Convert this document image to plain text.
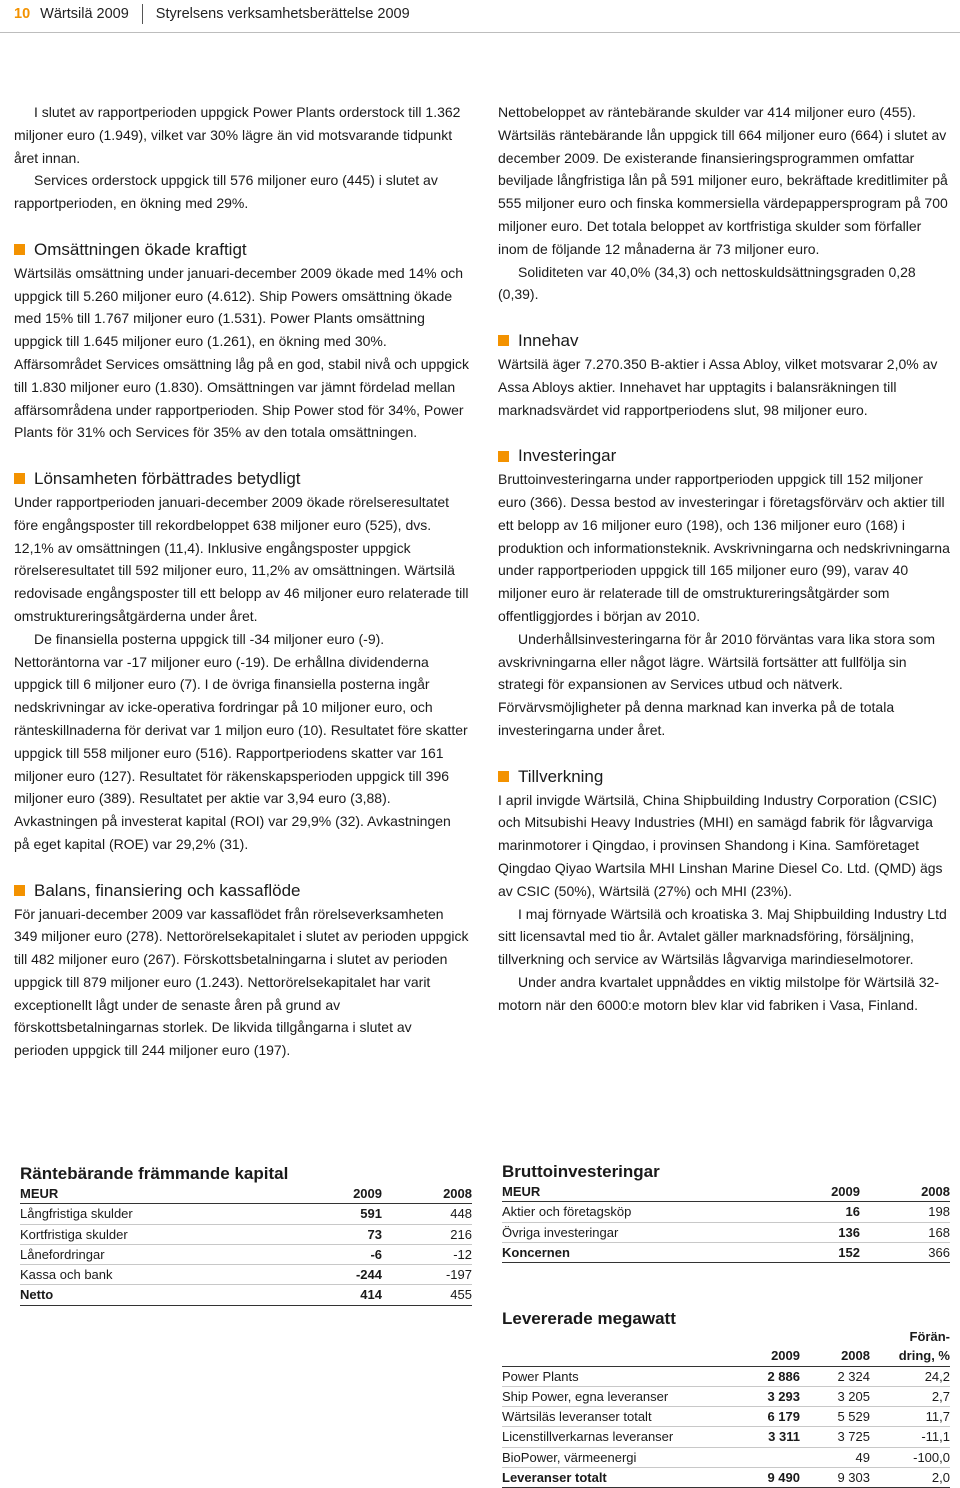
10 Wärtsilä 2009 Styrelsens verksamhetsberättelse 2009

I slutet av rapportperioden uppgick Power Plants orderstock till 1.362 miljoner euro (1.949), vilket var 30% lägre än vid motsvarande tidpunkt året innan.

Services orderstock uppgick till 576 miljoner euro (445) i slutet av rapportperioden, en ökning med 29%.

Omsättningen ökade kraftigt

Wärtsiläs omsättning under januari-december 2009 ökade med 14% och uppgick till 5.260 miljoner euro (4.612). Ship Powers omsättning ökade med 15% till 1.767 miljoner euro (1.531). Power Plants omsättning uppgick till 1.645 miljoner euro (1.261), en ökning med 30%. Affärsområdet Services omsättning låg på en god, stabil nivå och uppgick till 1.830 miljoner euro (1.830). Omsättningen var jämnt fördelad mellan affärsområdena under rapportperioden. Ship Power stod för 34%, Power Plants för 31% och Services för 35% av den totala omsättningen.

Lönsamheten förbättrades betydligt

Under rapportperioden januari-december 2009 ökade rörelseresultatet före engångsposter till rekordbeloppet 638 miljoner euro (525), dvs. 12,1% av omsättningen (11,4). Inklusive engångsposter uppgick rörelseresultatet till 592 miljoner euro, 11,2% av omsättningen. Wärtsilä redovisade engångsposter till ett belopp av 46 miljoner euro relaterade till omstruktureringsåtgärderna under året.

De finansiella posterna uppgick till -34 miljoner euro (-9). Nettoräntorna var -17 miljoner euro (-19). De erhållna dividenderna uppgick till 6 miljoner euro (7). I de övriga finansiella posterna ingår nedskrivningar av icke-operativa fordringar på 10 miljoner euro, och ränteskillnaderna för derivat var 1 miljon euro (10). Resultatet före skatter uppgick till 558 miljoner euro (516). Rapportperiodens skatter var 161 miljoner euro (127). Resultatet för räkenskapsperioden uppgick till 396 miljoner euro (389). Resultatet per aktie var 3,94 euro (3,88). Avkastningen på investerat kapital (ROI) var 29,9% (32). Avkastningen på eget kapital (ROE) var 29,2% (31).

Balans, finansiering och kassaflöde

För januari-december 2009 var kassaflödet från rörelseverksamheten 349 miljoner euro (278). Nettorörelsekapitalet i slutet av perioden uppgick till 482 miljoner euro (267). Förskottsbetalningarna i slutet av perioden uppgick till 879 miljoner euro (1.243). Nettorörelsekapitalet har varit exceptionellt lågt under de senaste åren på grund av förskottsbetalningarnas storlek. De likvida tillgångarna i slutet av perioden uppgick till 244 miljoner euro (197).

Nettobeloppet av räntebärande skulder var 414 miljoner euro (455). Wärtsiläs räntebärande lån uppgick till 664 miljoner euro (664) i slutet av december 2009. De existerande finansieringsprogrammen omfattar beviljade långfristiga lån på 591 miljoner euro, bekräftade kreditlimiter på 555 miljoner euro och finska kommersiella värdepappersprogram på 700 miljoner euro. Det totala beloppet av kortfristiga skulder som förfaller inom de följande 12 månaderna är 73 miljoner euro.

Soliditeten var 40,0% (34,3) och nettoskuldsättningsgraden 0,28 (0,39).

Innehav

Wärtsilä äger 7.270.350 B-aktier i Assa Abloy, vilket motsvarar 2,0% av Assa Abloys aktier. Innehavet har upptagits i balansräkningen till marknadsvärdet vid rapportperiodens slut, 98 miljoner euro.

Investeringar

Bruttoinvesteringarna under rapportperioden uppgick till 152 miljoner euro (366). Dessa bestod av investeringar i företagsförvärv och aktier till ett belopp av 16 miljoner euro (198), och 136 miljoner euro (168) i produktion och informationsteknik. Avskrivningarna och nedskrivningarna under rapportperioden uppgick till 165 miljoner euro (99), varav 40 miljoner euro är relaterade till de omstruktureringsåtgärder som offentliggjordes i början av 2010.

Underhållsinvesteringarna för år 2010 förväntas vara lika stora som avskrivningarna eller något lägre. Wärtsilä fortsätter att fullfölja sin strategi för expansionen av Services utbud och nätverk. Förvärvsmöjligheter på denna marknad kan inverka på de totala investeringarna under året.

Tillverkning

I april invigde Wärtsilä, China Shipbuilding Industry Corporation (CSIC) och Mitsubishi Heavy Industries (MHI) en samägd fabrik för lågvarviga marinmotorer i Qingdao, i provinsen Shandong i Kina. Samföretaget Qingdao Qiyao Wartsila MHI Linshan Marine Diesel Co. Ltd. (QMD) ägs av CSIC (50%), Wärtsilä (27%) och MHI (23%).

I maj förnyade Wärtsilä och kroatiska 3. Maj Shipbuilding Industry Ltd sitt licensavtal med tio år. Avtalet gäller marknadsföring, försäljning, tillverkning och service av Wärtsiläs lågvarviga marindieselmotorer.

Under andra kvartalet uppnåddes en viktig milstolpe för Wärtsilä 32-motorn när den 6000:e motorn blev klar vid fabriken i Vasa, Finland.

Räntebärande främmande kapital

MEUR	2009	2008
Långfristiga skulder	591	448
Kortfristiga skulder	73	216
Lånefordringar	-6	-12
Kassa och bank	-244	-197
Netto	414	455

Bruttoinvesteringar

MEUR	2009	2008
Aktier och företagsköp	16	198
Övriga investeringar	136	168
Koncernen	152	366

Levererade megawatt

			Förän-
	2009	2008	dring, %
Power Plants	2 886	2 324	24,2
Ship Power, egna leveranser	3 293	3 205	2,7
Wärtsiläs leveranser totalt	6 179	5 529	11,7
Licenstillverkarnas leveranser	3 311	3 725	-11,1
BioPower, värmeenergi		49	-100,0
Leveranser totalt	9 490	9 303	2,0
